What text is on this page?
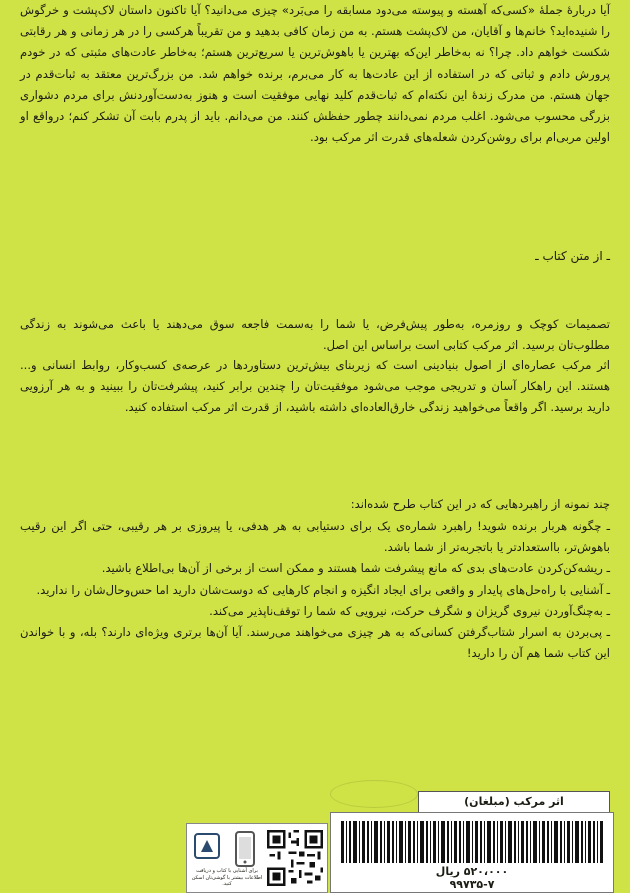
آیا دربارهٔ جملهٔ «کسی‌که آهسته و پیوسته می‌دود مسابقه را می‌بَرد» چیزی می‌دانید؟ آیا تاکنون داستان لاک‌پشت و خرگوش را شنیده‌اید؟ خانم‌ها و آقایان، من لاک‌پشت هستم. به من زمان کافی بدهید و من تقریباً هرکسی را در هر زمانی و هر رقابتی شکست خواهم داد. چرا؟ نه به‌خاطر این‌که بهترین یا باهوش‌ترین یا سریع‌ترین هستم؛ به‌خاطر عادت‌های مثبتی که در خودم پرورش دادم و ثباتی که در استفاده از این عادت‌ها به کار می‌برم، برنده خواهم شد. من بزرگ‌ترین معتقد به ثبات‌قدم در جهان هستم. من مدرک زندهٔ این نکته‌ام که ثبات‌قدم کلید نهایی موفقیت است و هنوز به‌دست‌آوردنش برای مردم دشواری بزرگی محسوب می‌شود. اغلب مردم نمی‌دانند چطور حفظش کنند. من می‌دانم. باید از پدرم بابت آن تشکر کنم؛ درواقع او اولین مربی‌ام برای روشن‌کردن شعله‌های قدرت اثر مرکب بود.

ـ از متن کتاب ـ

تصمیمات کوچک و روزمره، به‌طور پیش‌فرض، یا شما را به‌سمت فاجعه سوق می‌دهند یا باعث می‌شوند به زندگی مطلوب‌تان برسید. اثر مرکب کتابی است براساس این اصل.

اثر مرکب عصاره‌ای از اصول بنیادینی است که زیربنای بیش‌ترین دستاوردها در عرصه‌ی کسب‌وکار، روابط انسانی و... هستند. این راهکار آسان و تدریجی موجب می‌شود موفقیت‌تان را چندین برابر کنید، پیشرفت‌تان را ببینید و به هر آرزویی دارید برسید. اگر واقعاً می‌خواهید زندگی خارق‌العاده‌ای داشته باشید، از قدرت اثر مرکب استفاده کنید.

چند نمونه از راهبردهایی که در این کتاب طرح شده‌اند:

ـ چگونه هربار برنده شوید! راهبرد شماره‌ی یک برای دستیابی به هر هدفی، یا پیروزی بر هر رقیبی، حتی اگر این رقیب باهوش‌تر، بااستعدادتر یا باتجربه‌تر از شما باشد.
ـ ریشه‌کن‌کردن عادت‌های بدی که مانع پیشرفت شما هستند و ممکن است از برخی از آن‌ها بی‌اطلاع باشید.
ـ آشنایی با راه‌حل‌های پایدار و واقعی برای ایجاد انگیزه و انجام کارهایی که دوست‌شان دارید اما حس‌وحال‌شان را ندارید.
ـ به‌چنگ‌آوردن نیروی گریزان و شگرف حرکت، نیرویی که شما را توقف‌ناپذیر می‌کند.
ـ پی‌بردن به اسرار شتاب‌گرفتن کسانی‌که به هر چیزی می‌خواهند می‌رسند. آیا آن‌ها برتری ویژه‌ای دارند؟ بله، و با خواندن این کتاب شما هم آن را دارید!
اثر مرکب (مبلغان)
۵۲۰،۰۰۰ ریال
۹۹۷۳۵-۷
برای آشنایی با کتاب و دریافت اطلاعات بیشتر با گوشی‌تان اسکن کنید.
